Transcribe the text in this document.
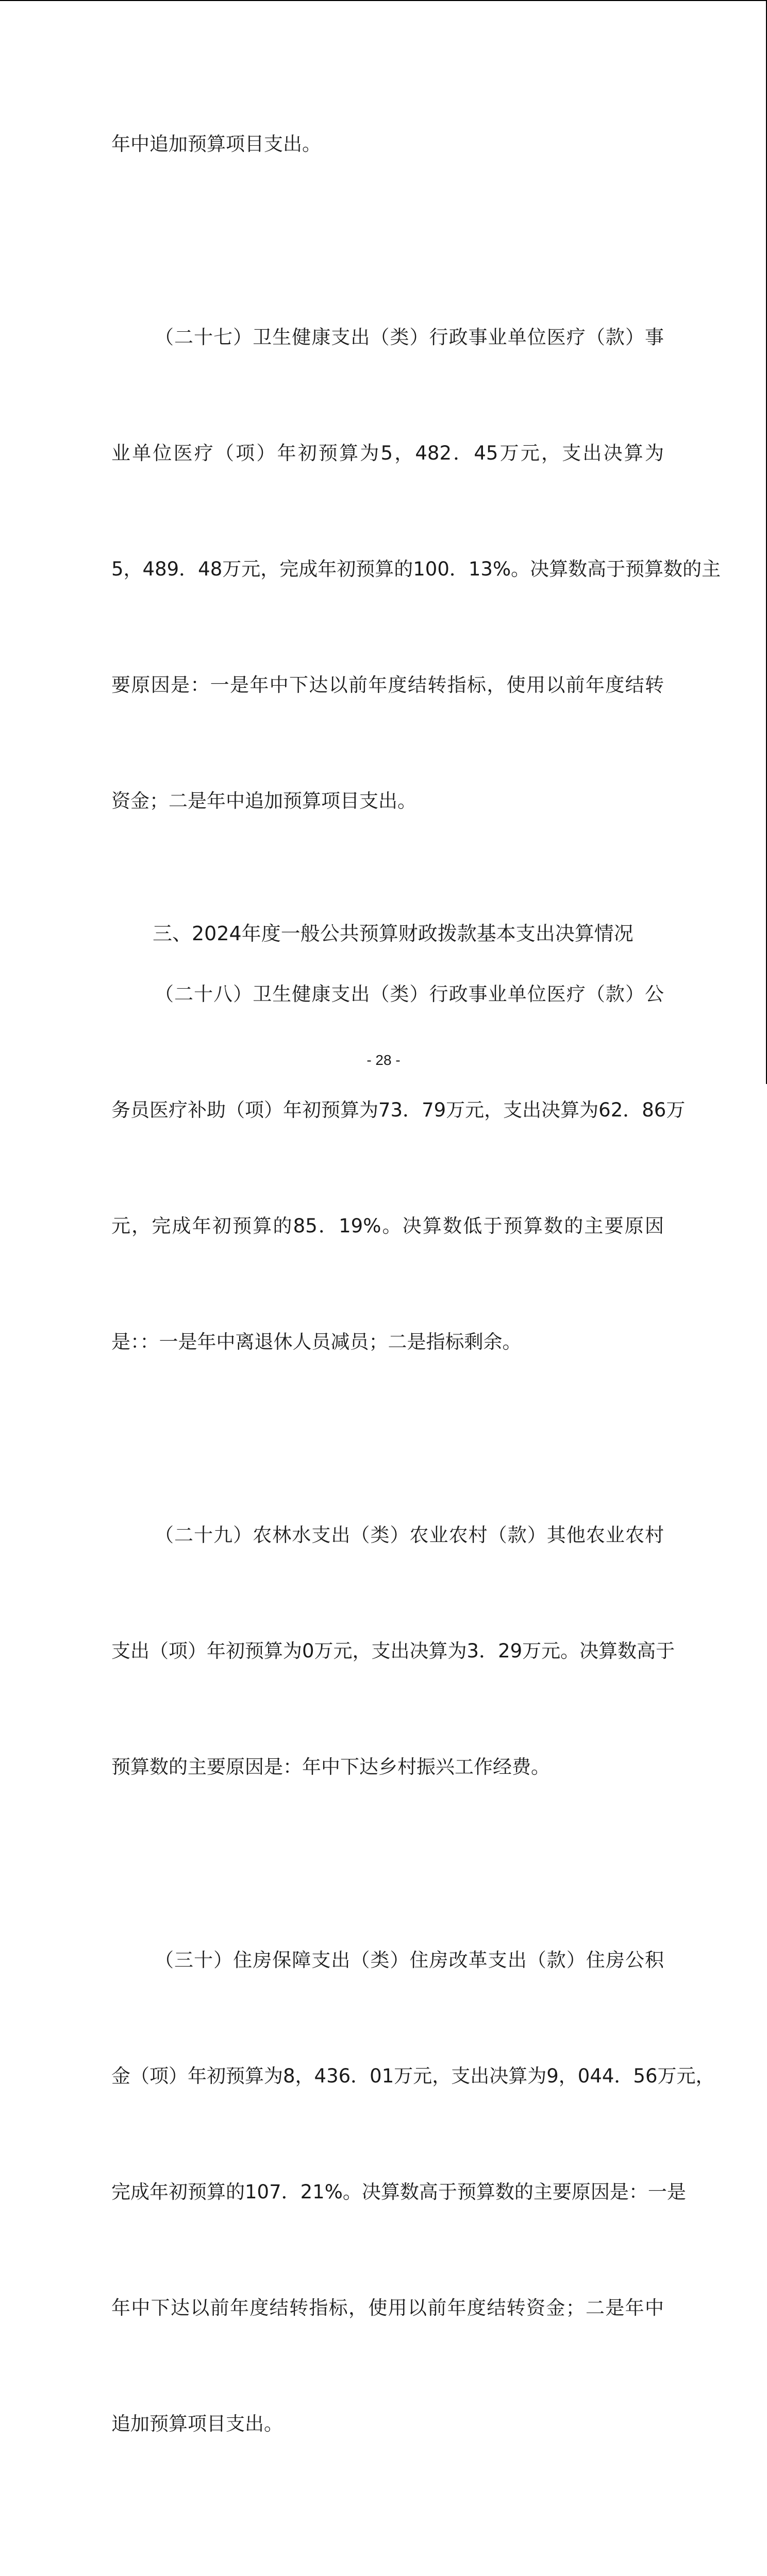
年中追加预算项目支出。

（二十七）卫生健康支出（类）行政事业单位医疗（款）事

业单位医疗（项）年初预算为5，482．45万元，支出决算为

5，489．48万元，完成年初预算的100．13%。决算数高于预算数的主

要原因是：一是年中下达以前年度结转指标，使用以前年度结转

资金；二是年中追加预算项目支出。

（二十八）卫生健康支出（类）行政事业单位医疗（款）公

务员医疗补助（项）年初预算为73．79万元，支出决算为62．86万

元，完成年初预算的85．19%。决算数低于预算数的主要原因

是：：一是年中离退休人员减员；二是指标剩余。

（二十九）农林水支出（类）农业农村（款）其他农业农村

支出（项）年初预算为0万元，支出决算为3．29万元。决算数高于

预算数的主要原因是：年中下达乡村振兴工作经费。

（三十）住房保障支出（类）住房改革支出（款）住房公积

金（项）年初预算为8，436．01万元，支出决算为9，044．56万元，

完成年初预算的107．21%。决算数高于预算数的主要原因是：一是

年中下达以前年度结转指标，使用以前年度结转资金；二是年中

追加预算项目支出。

三、2024年度一般公共预算财政拨款基本支出决算情况
- 28 -
